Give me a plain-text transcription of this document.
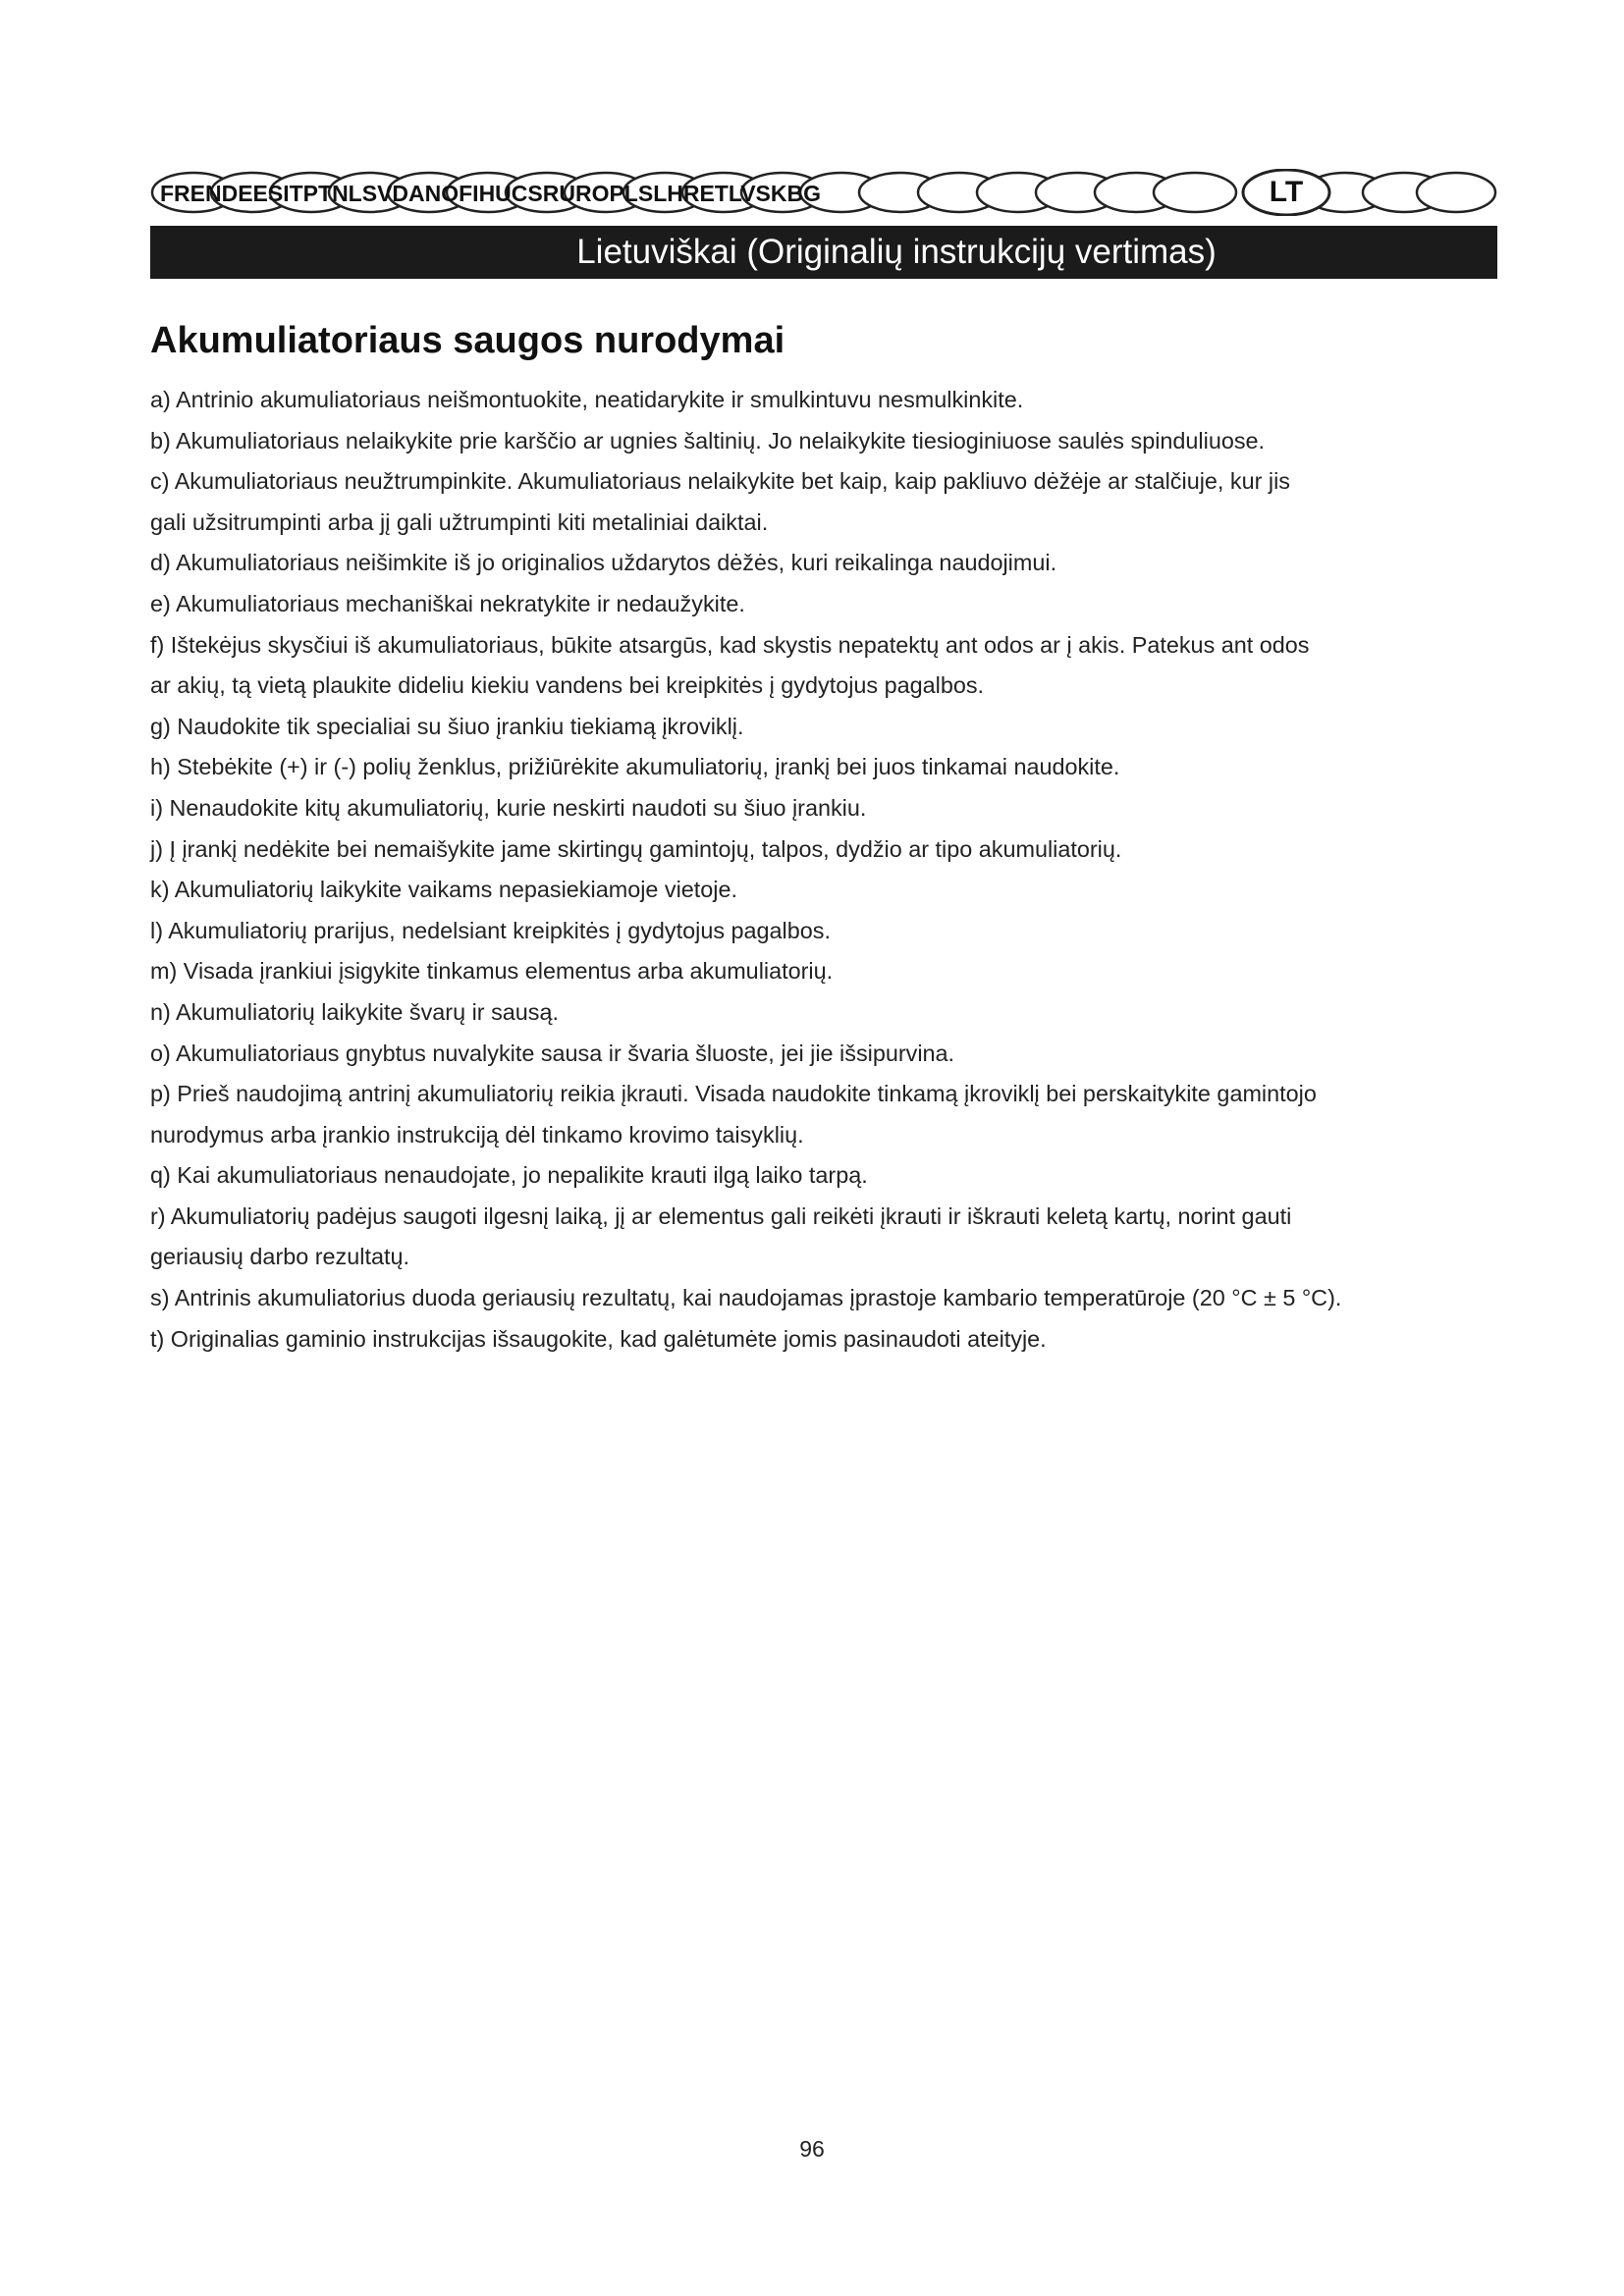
FRENDEESITPTNLSVDANOFIHUCSRUROPLSLHRETLVSKBG	LT
Lietuviškai (Originalių instrukcijų vertimas)
Akumuliatoriaus saugos nurodymai
a) Antrinio akumuliatoriaus neišmontuokite, neatidarykite ir smulkintuvu nesmulkinkite.
b) Akumuliatoriaus nelaikykite prie karščio ar ugnies šaltinių. Jo nelaikykite tiesioginiuose saulės spinduliuose.
c) Akumuliatoriaus neužtrumpinkite. Akumuliatoriaus nelaikykite bet kaip, kaip pakliuvo dėžėje ar stalčiuje, kur jis
gali užsitrumpinti arba jį gali užtrumpinti kiti metaliniai daiktai.
d) Akumuliatoriaus neišimkite iš jo originalios uždarytos dėžės, kuri reikalinga naudojimui.
e) Akumuliatoriaus mechaniškai nekratykite ir nedaužykite.
f) Ištekėjus skysčiui iš akumuliatoriaus, būkite atsargūs, kad skystis nepatektų ant odos ar į akis. Patekus ant odos
ar akių, tą vietą plaukite dideliu kiekiu vandens bei kreipkitės į gydytojus pagalbos.
g) Naudokite tik specialiai su šiuo įrankiu tiekiamą įkroviklį.
h) Stebėkite (+) ir (-) polių ženklus, prižiūrėkite akumuliatorių, įrankį bei juos tinkamai naudokite.
i) Nenaudokite kitų akumuliatorių, kurie neskirti naudoti su šiuo įrankiu.
j) Į įrankį nedėkite bei nemaišykite jame skirtingų gamintojų, talpos, dydžio ar tipo akumuliatorių.
k) Akumuliatorių laikykite vaikams nepasiekiamoje vietoje.
l) Akumuliatorių prarijus, nedelsiant kreipkitės į gydytojus pagalbos.
m) Visada įrankiui įsigykite tinkamus elementus arba akumuliatorių.
n) Akumuliatorių laikykite švarų ir sausą.
o) Akumuliatoriaus gnybtus nuvalykite sausa ir švaria šluoste, jei jie išsipurvina.
p) Prieš naudojimą antrinį akumuliatorių reikia įkrauti. Visada naudokite tinkamą įkroviklį bei perskaitykite gamintojo
nurodymus arba įrankio instrukciją dėl tinkamo krovimo taisyklių.
q) Kai akumuliatoriaus nenaudojate, jo nepalikite krauti ilgą laiko tarpą.
r) Akumuliatorių padėjus saugoti ilgesnį laiką, jį ar elementus gali reikėti įkrauti ir iškrauti keletą kartų, norint gauti
geriausių darbo rezultatų.
s) Antrinis akumuliatorius duoda geriausių rezultatų, kai naudojamas įprastoje kambario temperatūroje (20 °C ± 5 °C).
t) Originalias gaminio instrukcijas išsaugokite, kad galėtumėte jomis pasinaudoti ateityje.
96
